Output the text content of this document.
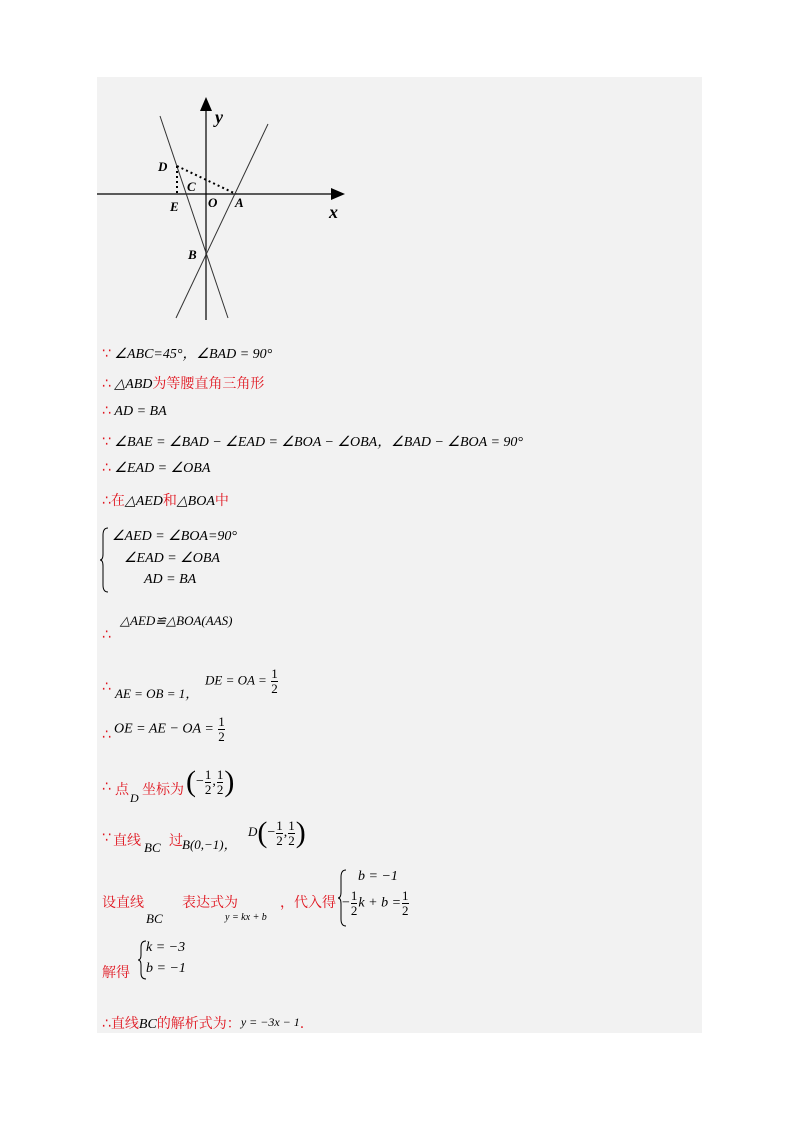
y
x
D
C
E O A
B
∵ ∠ABC=45°，∠BAD = 90°
∴ △ABD为等腰直角三角形
∴ AD = BA
∵ ∠BAE = ∠BAD − ∠EAD = ∠BOA − ∠OBA，∠BAD − ∠BOA = 90°
∴ ∠EAD = ∠OBA
∴在△AED和△BOA中
∠AED = ∠BOA=90°
∠EAD = ∠OBA
AD = BA
∴
△AED≌△BOA(AAS)
∴ AE = OB = 1，
DE = OA = $\frac{1}{2}$
∴ OE = AE − OA = $\frac{1}{2}$
∴ 点 D 坐标为 (− $\frac{1}{2}$ , $\frac{1}{2}$ )
∵ 直线 BC 过 B(0,−1)，
$D(- \frac{1}{2}$ , $\frac{1}{2}$ )
设直线
BC
表达式为
y = kx + b
，代入得
b = −1
− $\frac{1}{2}$ $k + b = \frac{1}{2}$
解得
k = −3
b = −1
∴直线BC的解析式为：y = −3x − 1.
